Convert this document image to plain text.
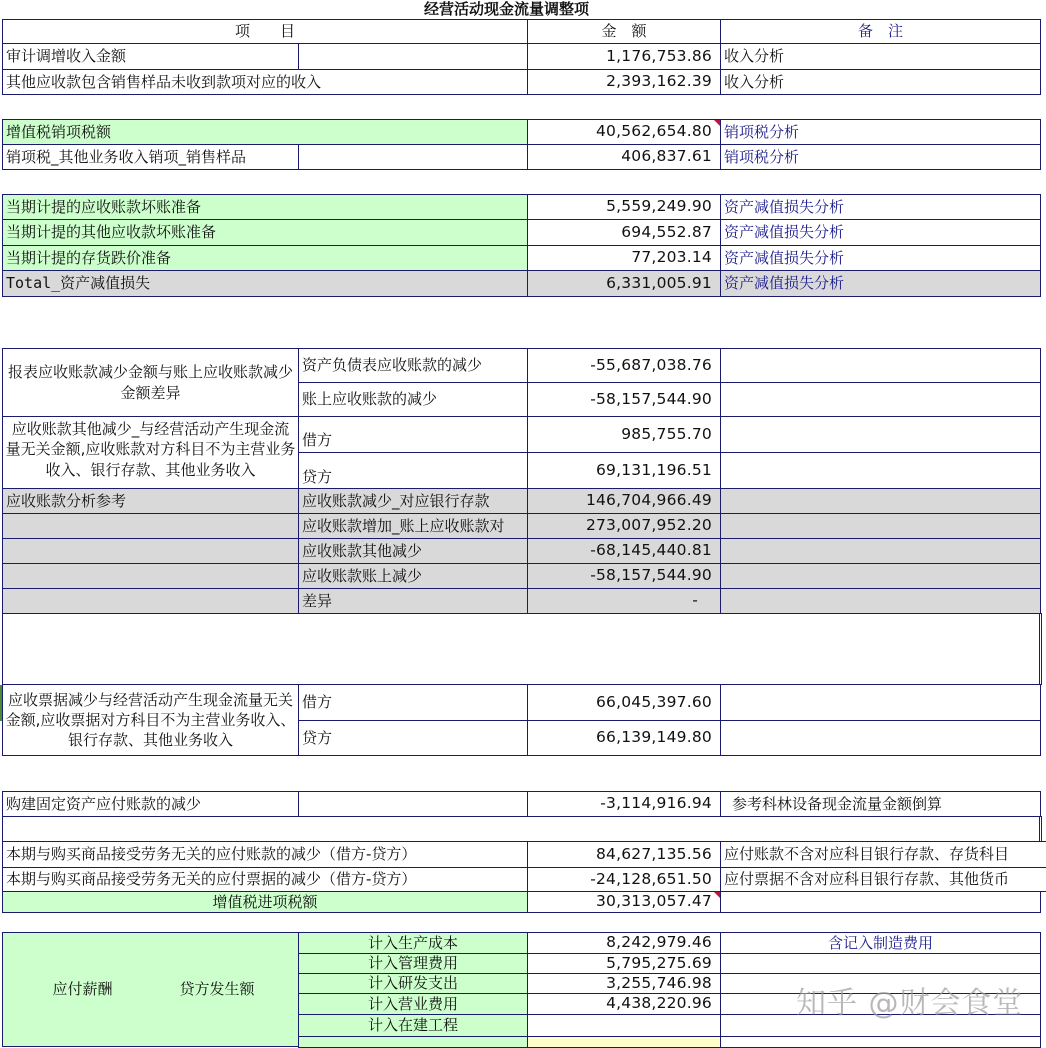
经营活动现金流量调整项
项　　目	金　额	备　注
审计调增收入金额	1,176,753.86 收入分析
其他应收款包含销售样品未收到款项对应的收入	2,393,162.39 收入分析
增值税销项税额	40,562,654.80 销项税分析
销项税_其他业务收入销项_销售样品	406,837.61 销项税分析
当期计提的应收账款坏账准备	5,559,249.90 资产减值损失分析
当期计提的其他应收款坏账准备	694,552.87 资产减值损失分析
当期计提的存货跌价准备	77,203.14 资产减值损失分析
Total_资产减值损失	6,331,005.91 资产减值损失分析
报表应收账款减少金额与账上应收账款减少金额差异
资产负债表应收账款的减少	-55,687,038.76
账上应收账款的减少	-58,157,544.90
应收账款其他减少_与经营活动产生现金流量无关金额,应收账款对方科目不为主营业务收入、银行存款、其他业务收入
借方	985,755.70
贷方	69,131,196.51
应收账款分析参考	应收账款减少_对应银行存款	146,704,966.49
应收账款增加_账上应收账款对	273,007,952.20
应收账款其他减少	-68,145,440.81
应收账款账上减少	-58,157,544.90
差异	-
应收票据减少与经营活动产生现金流量无关金额,应收票据对方科目不为主营业务收入、银行存款、其他业务收入
借方	66,045,397.60
贷方	66,139,149.80
购建固定资产应付账款的减少	-3,114,916.94	参考科林设备现金流量金额倒算
本期与购买商品接受劳务无关的应付账款的减少（借方-贷方）	84,627,135.56 应付账款不含对应科目银行存款、存货科目
本期与购买商品接受劳务无关的应付票据的减少（借方-贷方）	-24,128,651.50 应付票据不含对应科目银行存款、其他货币
增值税进项税额	30,313,057.47
应付薪酬	贷方发生额
计入生产成本	8,242,979.46	含记入制造费用
计入管理费用	5,795,275.69
计入研发支出	3,255,746.98
计入营业费用	4,438,220.96
计入在建工程
知乎 @财会食堂
